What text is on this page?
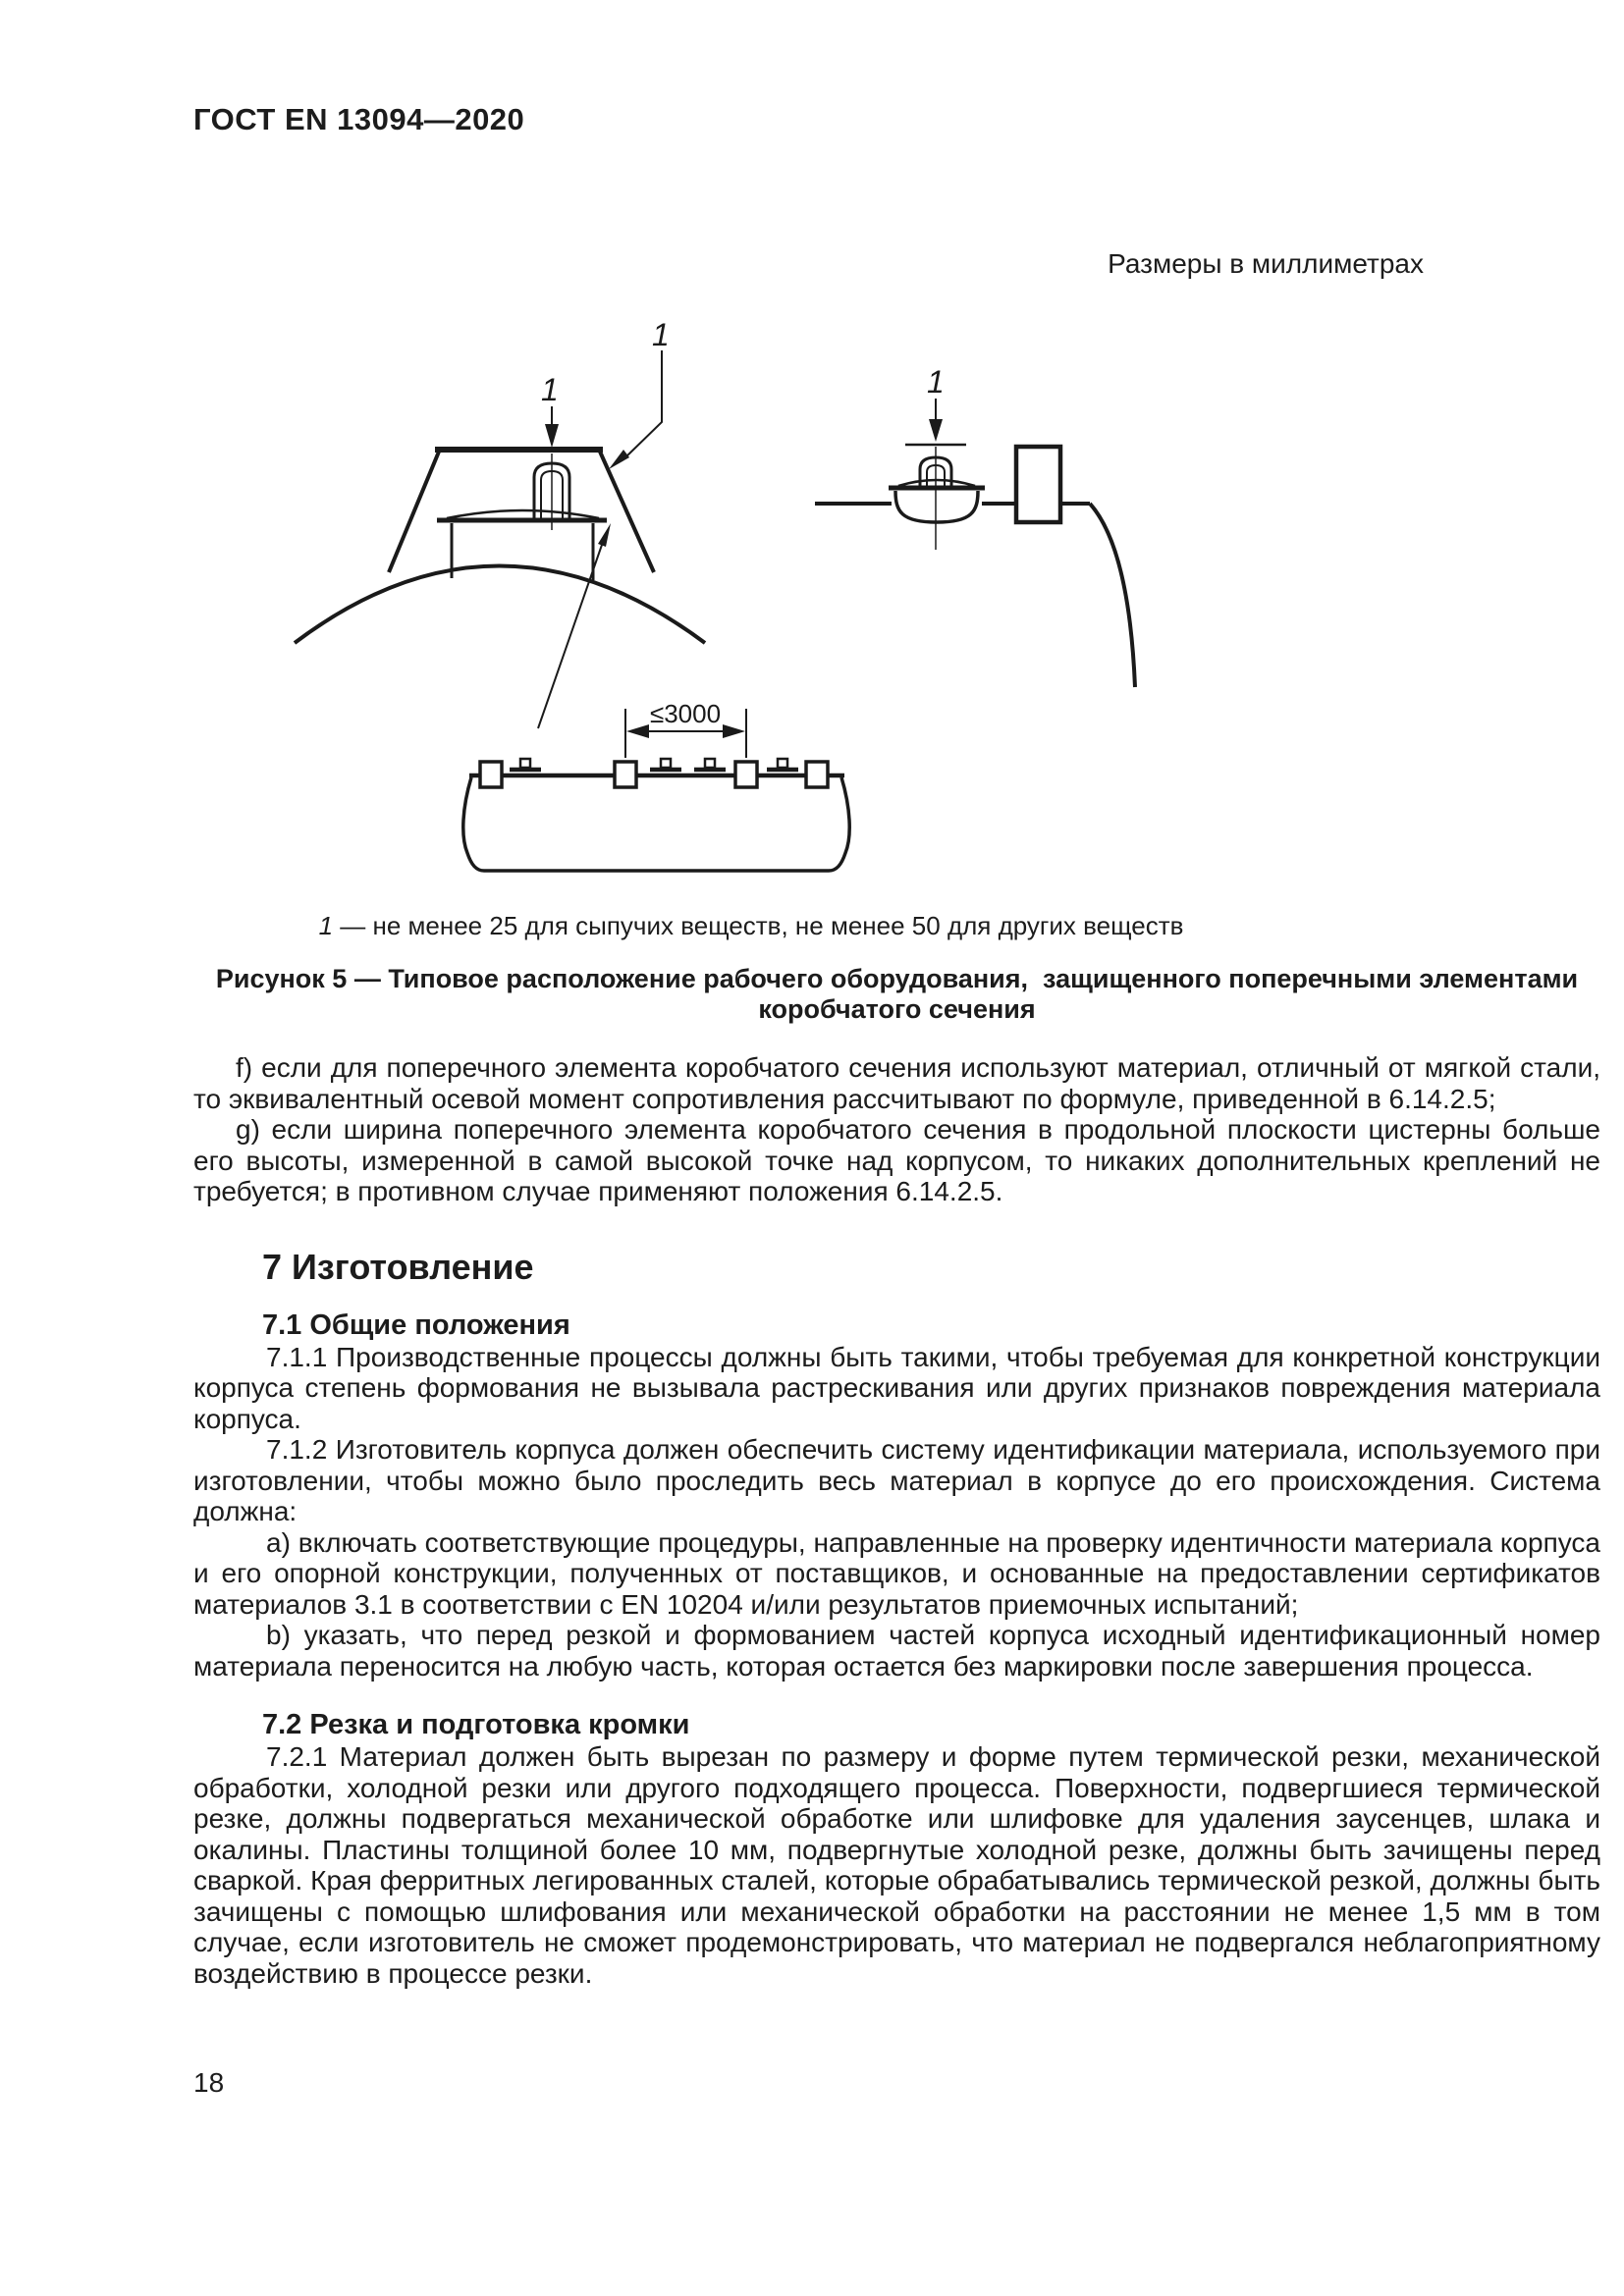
ГОСТ EN 13094—2020
Размеры в миллиметрах
1
1
1
≤3000
1 — не менее 25 для сыпучих веществ, не менее 50 для других веществ
Рисунок 5 — Типовое расположение рабочего оборудования,  защищенного поперечными элементами
коробчатого сечения

f) если для поперечного элемента коробчатого сечения используют материал, отличный от мягкой стали, то эквивалентный осевой момент сопротивления рассчитывают по формуле, приведенной в 6.14.2.5;

g) если ширина поперечного элемента коробчатого сечения в продольной плоскости цистерны больше его высоты, измеренной в самой высокой точке над корпусом, то никаких дополнительных креплений не требуется; в противном случае применяют положения 6.14.2.5.

7 Изготовление
7.1 Общие положения

7.1.1 Производственные процессы должны быть такими, чтобы требуемая для конкретной конструкции корпуса степень формования не вызывала растрескивания или других признаков повреждения материала корпуса.

7.1.2 Изготовитель корпуса должен обеспечить систему идентификации материала, используемого при изготовлении, чтобы можно было проследить весь материал в корпусе до его происхождения. Система должна:

a) включать соответствующие процедуры, направленные на проверку идентичности материала корпуса и его опорной конструкции, полученных от поставщиков, и основанные на предоставлении сертификатов материалов 3.1 в соответствии с EN 10204 и/или результатов приемочных испытаний;

b) указать, что перед резкой и формованием частей корпуса исходный идентификационный номер материала переносится на любую часть, которая остается без маркировки после завершения процесса.

7.2 Резка и подготовка кромки

7.2.1 Материал должен быть вырезан по размеру и форме путем термической резки, механической обработки, холодной резки или другого подходящего процесса. Поверхности, подвергшиеся термической резке, должны подвергаться механической обработке или шлифовке для удаления заусенцев, шлака и окалины. Пластины толщиной более 10 мм, подвергнутые холодной резке, должны быть зачищены перед сваркой. Края ферритных легированных сталей, которые обрабатывались термической резкой, должны быть зачищены с помощью шлифования или механической обработки на расстоянии не менее 1,5 мм в том случае, если изготовитель не сможет продемонстрировать, что материал не подвергался неблагоприятному воздействию в процессе резки.

18
